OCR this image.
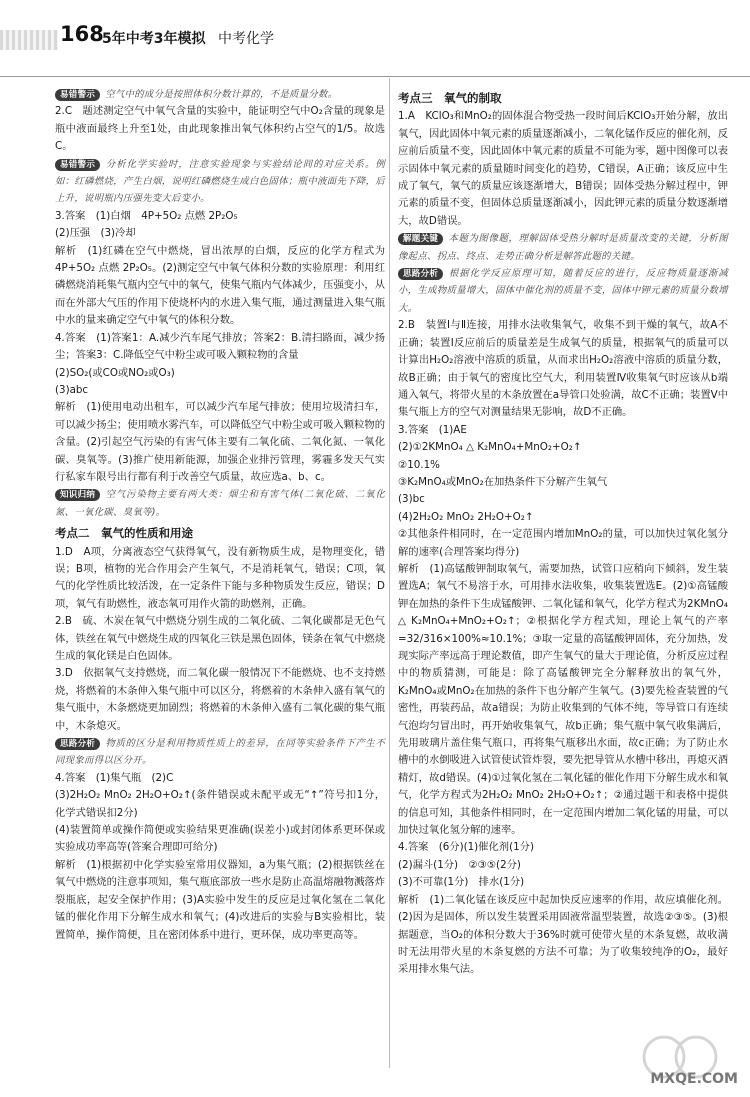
168
5年中考3年模拟 中考化学
易错警示 空气中的成分是按照体积分数计算的，不是质量分数。
2.C　题述测定空气中氧气含量的实验中，能证明空气中O₂含量的现象是瓶中液面最终上升至1处，由此现象推出氧气体积约占空气的1/5。故选C。
易错警示 分析化学实验时，注意实验现象与实验结论间的对应关系。例如：红磷燃烧，产生白烟，说明红磷燃烧生成白色固体；瓶中液面先下降，后上升，说明瓶内压强先变大后变小。
3.答案　(1)白烟　4P+5O₂ 点燃 2P₂O₅
(2)压强　(3)冷却
解析　(1)红磷在空气中燃烧，冒出浓厚的白烟，反应的化学方程式为4P+5O₂ 点燃 2P₂O₅。(2)测定空气中氧气体积分数的实验原理：利用红磷燃烧消耗集气瓶内空气中的氧气，使集气瓶内气体减少，压强变小，从而在外部大气压的作用下使烧杯内的水进入集气瓶，通过测量进入集气瓶中水的量来确定空气中氧气的体积分数。
4.答案　(1)答案1：A.减少汽车尾气排放；答案2：B.清扫路面，减少扬尘；答案3：C.降低空气中粉尘或可吸入颗粒物的含量
(2)SO₂(或CO或NO₂或O₃)
(3)abc
解析　(1)使用电动出租车，可以减少汽车尾气排放；使用垃圾清扫车，可以减少扬尘；使用喷水雾汽车，可以降低空气中粉尘或可吸入颗粒物的含量。(2)引起空气污染的有害气体主要有二氧化硫、二氧化氮、一氧化碳、臭氧等。(3)推广使用新能源，加强企业排污管理，雾霾多发天气实行私家车限号出行都有利于改善空气质量，故应选a、b、c。
知识归纳 空气污染物主要有两大类：烟尘和有害气体(二氧化硫、二氧化氮、一氧化碳、臭氧等)。
考点二　氧气的性质和用途
1.D　A项，分离液态空气获得氧气，没有新物质生成，是物理变化，错误；B项，植物的光合作用会产生氧气，不是消耗氧气，错误；C项，氧气的化学性质比较活泼，在一定条件下能与多种物质发生反应，错误；D项，氧气有助燃性，液态氧可用作火箭的助燃剂，正确。
2.B　硫、木炭在氧气中燃烧分别生成的二氧化硫、二氧化碳都是无色气体，铁丝在氧气中燃烧生成的四氧化三铁是黑色固体，镁条在氧气中燃烧生成的氧化镁是白色固体。
3.D　依据氧气支持燃烧，而二氧化碳一般情况下不能燃烧、也不支持燃烧，将燃着的木条伸入集气瓶中可以区分，将燃着的木条伸入盛有氧气的集气瓶中，木条燃烧更加剧烈；将燃着的木条伸入盛有二氧化碳的集气瓶中，木条熄灭。
思路分析 物质的区分是利用物质性质上的差异，在同等实验条件下产生不同现象而得以区分开。
4.答案　(1)集气瓶　(2)C
(3)2H₂O₂ MnO₂ 2H₂O+O₂↑(条件错误或未配平或无“↑”符号扣1分，化学式错误扣2分)
(4)装置简单或操作简便或实验结果更准确(误差小)或封闭体系更环保或实验成功率高等(答案合理即可给分)
解析　(1)根据初中化学实验室常用仪器知，a为集气瓶；(2)根据铁丝在氧气中燃烧的注意事项知，集气瓶底部放一些水是防止高温熔融物溅落炸裂瓶底，起安全保护作用；(3)A实验中发生的反应是过氧化氢在二氧化锰的催化作用下分解生成水和氧气；(4)改进后的实验与B实验相比，装置简单，操作简便，且在密闭体系中进行，更环保，成功率更高等。
考点三　氧气的制取
1.A　KClO₃和MnO₂的固体混合物受热一段时间后KClO₃开始分解，放出氧气，因此固体中氧元素的质量逐渐减小，二氧化锰作反应的催化剂，反应前后质量不变，因此固体中氧元素的质量不可能为零，题中图像可以表示固体中氧元素的质量随时间变化的趋势，C错误，A正确；该反应中生成了氧气，氧气的质量应该逐渐增大，B错误；固体受热分解过程中，钾元素的质量不变，但固体总质量逐渐减小，因此钾元素的质量分数逐渐增大，故D错误。
解题关键 本题为图像题，理解固体受热分解时是质量改变的关键，分析图像起点、拐点、终点、走势正确分析是解答此题的关键。
思路分析 根据化学反应原理可知，随着反应的进行，反应物质量逐渐减小，生成物质量增大，固体中催化剂的质量不变，固体中钾元素的质量分数增大。
2.B　装置Ⅰ与Ⅱ连接，用排水法收集氧气，收集不到干燥的氧气，故A不正确；装置Ⅰ反应前后的质量差是生成氧气的质量，根据氧气的质量可以计算出H₂O₂溶液中溶质的质量，从而求出H₂O₂溶液中溶质的质量分数，故B正确；由于氧气的密度比空气大，利用装置Ⅳ收集氧气时应该从b端通入氧气，将带火星的木条放置在a导管口处验满，故C不正确；装置Ⅴ中集气瓶上方的空气对测量结果无影响，故D不正确。
3.答案　(1)AE
(2)①2KMnO₄ △ K₂MnO₄+MnO₂+O₂↑
②10.1%
③K₂MnO₄或MnO₂在加热条件下分解产生氧气
(3)bc
(4)2H₂O₂ MnO₂ 2H₂O+O₂↑
②其他条件相同时，在一定范围内增加MnO₂的量，可以加快过氧化氢分解的速率(合理答案均得分)
解析　(1)高锰酸钾制取氧气，需要加热，试管口应稍向下倾斜，发生装置选A；氧气不易溶于水，可用排水法收集，收集装置选E。(2)①高锰酸钾在加热的条件下生成锰酸钾、二氧化锰和氧气，化学方程式为2KMnO₄ △ K₂MnO₄+MnO₂+O₂↑；②根据化学方程式知，理论上氧气的产率=32/316×100%≈10.1%；③取一定量的高锰酸钾固体，充分加热，发现实际产率远高于理论数值，即产生氧气的量大于理论值，分析反应过程中的物质猜测，可能是：除了高锰酸钾完全分解释放出的氧气外，K₂MnO₄或MnO₂在加热的条件下也分解产生氧气。(3)要先检查装置的气密性，再装药品，故a错误；为防止收集到的气体不纯，等导管口有连续气泡均匀冒出时，再开始收集氧气，故b正确；集气瓶中氧气收集满后，先用玻璃片盖住集气瓶口，再将集气瓶移出水面，故c正确；为了防止水槽中的水倒吸进入试管使试管炸裂，要先把导管从水槽中移出，再熄灭酒精灯，故d错误。(4)①过氧化氢在二氧化锰的催化作用下分解生成水和氧气，化学方程式为2H₂O₂ MnO₂ 2H₂O+O₂↑；②通过题干和表格中提供的信息可知，其他条件相同时，在一定范围内增加二氧化锰的用量，可以加快过氧化氢分解的速率。
4.答案　(6分)(1)催化剂(1分)
(2)漏斗(1分)　②③⑤(2分)
(3)不可靠(1分)　排水(1分)
解析　(1)二氧化锰在该反应中起加快反应速率的作用，故应填催化剂。(2)因为是固体，所以发生装置采用固液常温型装置，故选②③⑤。(3)根据题意，当O₂的体积分数大于36%时就可使带火星的木条复燃，故收满时无法用带火星的木条复燃的方法不可靠；为了收集较纯净的O₂，最好采用排水集气法。
MXQE.COM
